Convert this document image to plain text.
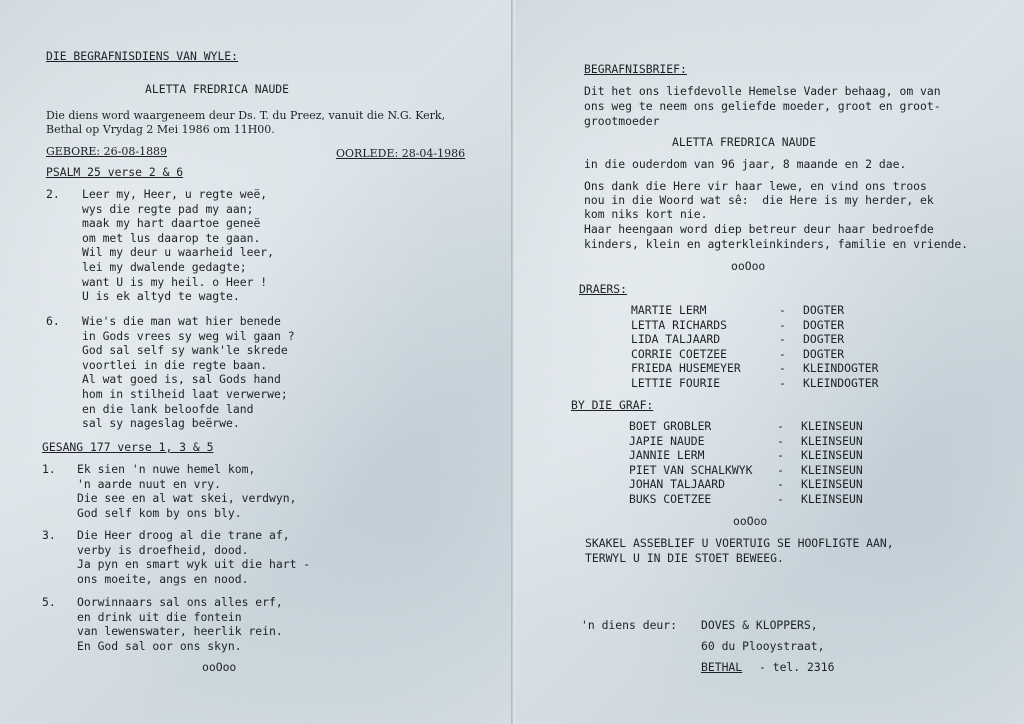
DIE BEGRAFNISDIENS VAN WYLE:
ALETTA FREDRICA NAUDE
Die diens word waargeneem deur Ds. T. du Preez, vanuit die N.G. Kerk,
Bethal op Vrydag 2 Mei 1986 om 11H00.
GEBORE: 26-08-1889	OORLEDE: 28-04-1986
PSALM 25 verse 2 & 6
2. Leer my, Heer, u regte weë,
wys die regte pad my aan;
maak my hart daartoe geneë
om met lus daarop te gaan.
Wil my deur u waarheid leer,
lei my dwalende gedagte;
want U is my heil. o Heer !
U is ek altyd te wagte.
6. Wie's die man wat hier benede
in Gods vrees sy weg wil gaan ?
God sal self sy wank'le skrede
voortlei in die regte baan.
Al wat goed is, sal Gods hand
hom in stilheid laat verwerwe;
en die lank beloofde land
sal sy nageslag beërwe.
GESANG 177 verse 1, 3 & 5
1. Ek sien 'n nuwe hemel kom,
'n aarde nuut en vry.
Die see en al wat skei, verdwyn,
God self kom by ons bly.
3. Die Heer droog al die trane af,
verby is droefheid, dood.
Ja pyn en smart wyk uit die hart -
ons moeite, angs en nood.
5. Oorwinnaars sal ons alles erf,
en drink uit die fontein
van lewenswater, heerlik rein.
En God sal oor ons skyn.
ooOoo
BEGRAFNISBRIEF:
Dit het ons liefdevolle Hemelse Vader behaag, om van
ons weg te neem ons geliefde moeder, groot en groot-
grootmoeder
ALETTA FREDRICA NAUDE
in die ouderdom van 96 jaar, 8 maande en 2 dae.
Ons dank die Here vir haar lewe, en vind ons troos
nou in die Woord wat sê:  die Here is my herder, ek
kom niks kort nie.
Haar heengaan word diep betreur deur haar bedroefde
kinders, klein en agterkleinkinders, familie en vriende.
ooOoo
DRAERS:
MARTIE LERM	-	DOGTER
LETTA RICHARDS	-	DOGTER
LIDA TALJAARD	-	DOGTER
CORRIE COETZEE	-	DOGTER
FRIEDA HUSEMEYER	-	KLEINDOGTER
LETTIE FOURIE	-	KLEINDOGTER
BY DIE GRAF:
BOET GROBLER	-	KLEINSEUN
JAPIE NAUDE	-	KLEINSEUN
JANNIE LERM	-	KLEINSEUN
PIET VAN SCHALKWYK	-	KLEINSEUN
JOHAN TALJAARD	-	KLEINSEUN
BUKS COETZEE	-	KLEINSEUN
ooOoo
SKAKEL ASSEBLIEF U VOERTUIG SE HOOFLIGTE AAN,
TERWYL U IN DIE STOET BEWEEG.
'n diens deur: DOVES & KLOPPERS,
60 du Plooystraat,
BETHAL - tel. 2316
